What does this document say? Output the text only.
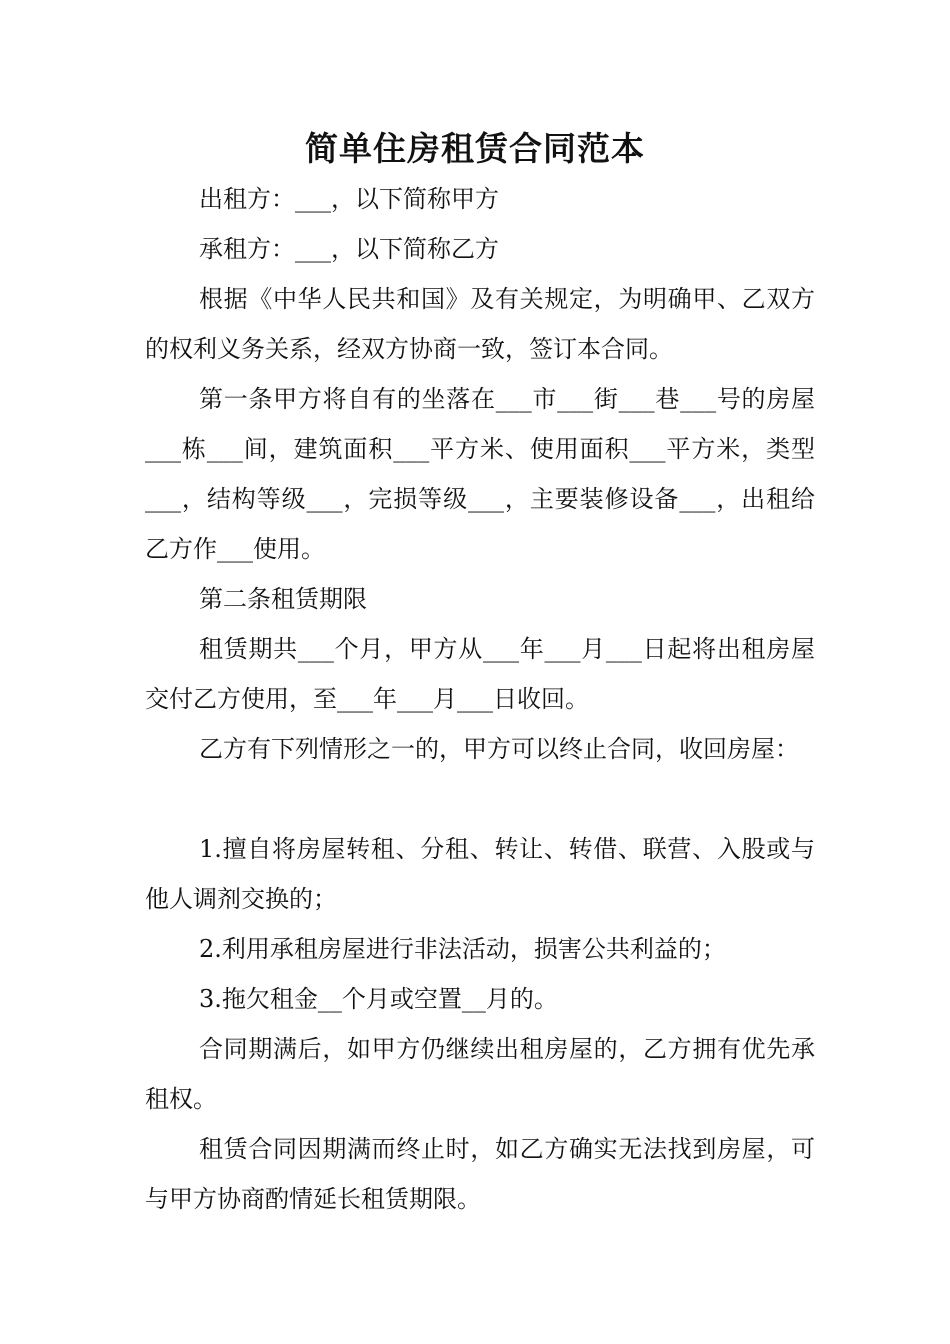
简单住房租赁合同范本

出租方：___，以下简称甲方

承租方：___，以下简称乙方

根据《中华人民共和国》及有关规定，为明确甲、乙双方的权利义务关系，经双方协商一致，签订本合同。

第一条甲方将自有的坐落在___市___街___巷___号的房屋___栋___间，建筑面积___平方米、使用面积___平方米，类型___，结构等级___，完损等级___，主要装修设备___，出租给乙方作___使用。

第二条租赁期限

租赁期共___个月，甲方从___年___月___日起将出租房屋交付乙方使用，至___年___月___日收回。

乙方有下列情形之一的，甲方可以终止合同，收回房屋：

1.擅自将房屋转租、分租、转让、转借、联营、入股或与他人调剂交换的；

2.利用承租房屋进行非法活动，损害公共利益的；

3.拖欠租金__个月或空置__月的。

合同期满后，如甲方仍继续出租房屋的，乙方拥有优先承租权。

租赁合同因期满而终止时，如乙方确实无法找到房屋，可与甲方协商酌情延长租赁期限。
